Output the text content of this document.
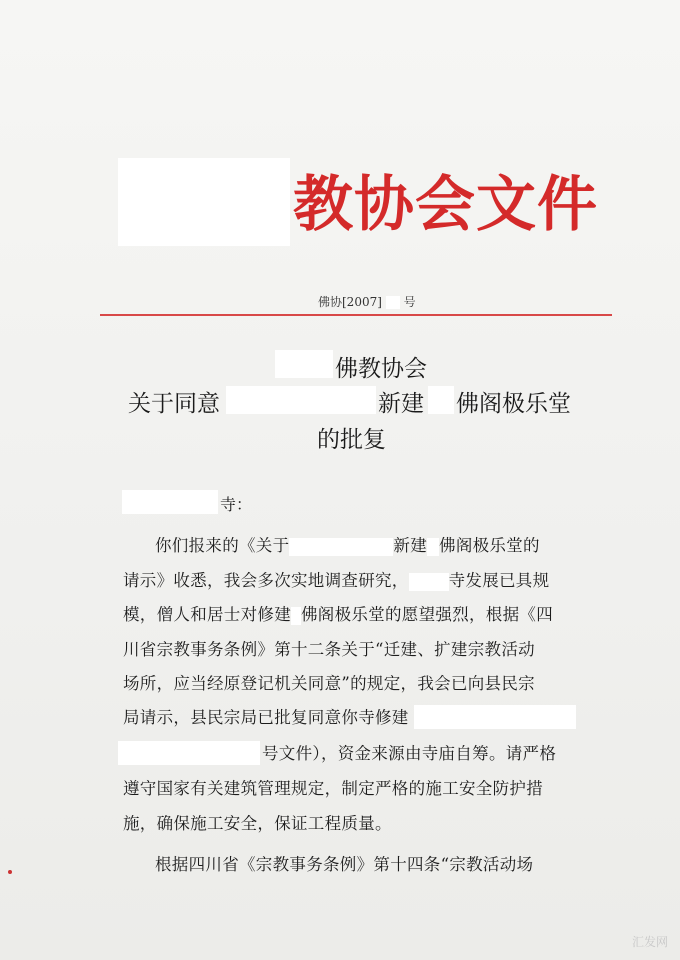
教协会文件
佛协[2007] 号
佛教协会
关于同意	新建 佛阁极乐堂
的批复
寺：
你们报来的《关于	新建 佛阁极乐堂的
请示》收悉，我会多次实地调查研究， 寺发展已具规
模，僧人和居士对修建 佛阁极乐堂的愿望强烈，根据《四
川省宗教事务条例》第十二条关于“迁建、扩建宗教活动
场所，应当经原登记机关同意”的规定，我会已向县民宗
局请示，县民宗局已批复同意你寺修建
号文件），资金来源由寺庙自筹。请严格
遵守国家有关建筑管理规定，制定严格的施工安全防护措
施，确保施工安全，保证工程质量。
根据四川省《宗教事务条例》第十四条“宗教活动场
汇发网
